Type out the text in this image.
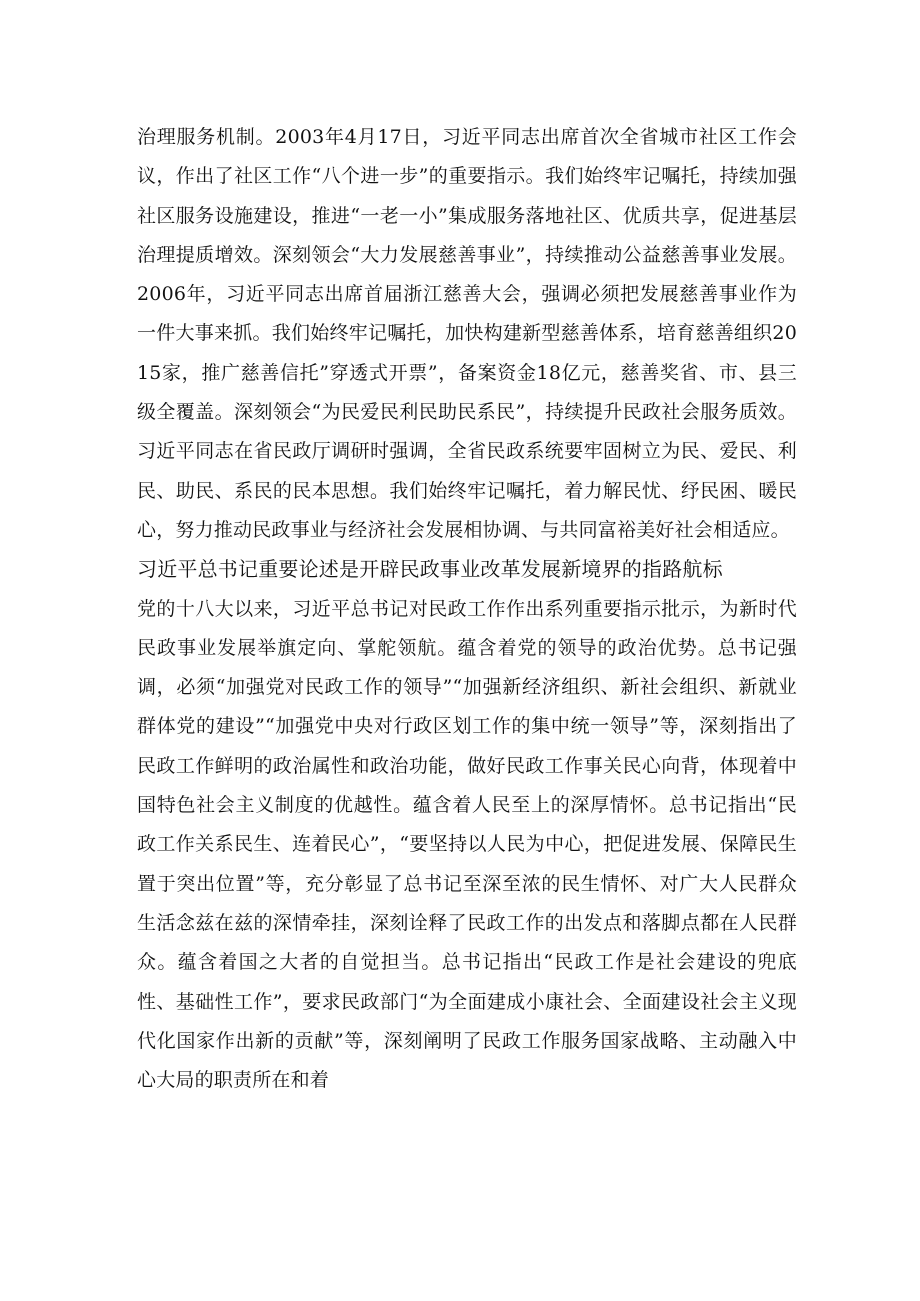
治理服务机制。2003年4月17日，习近平同志出席首次全省城市社区工作会议，作出了社区工作“八个进一步”的重要指示。我们始终牢记嘱托，持续加强社区服务设施建设，推进“一老一小”集成服务落地社区、优质共享，促进基层治理提质增效。深刻领会“大力发展慈善事业”，持续推动公益慈善事业发展。2006年，习近平同志出席首届浙江慈善大会，强调必须把发展慈善事业作为一件大事来抓。我们始终牢记嘱托，加快构建新型慈善体系，培育慈善组织2015家，推广慈善信托”穿透式开票”，备案资金18亿元，慈善奖省、市、县三级全覆盖。深刻领会“为民爱民利民助民系民”，持续提升民政社会服务质效。习近平同志在省民政厅调研时强调，全省民政系统要牢固树立为民、爱民、利民、助民、系民的民本思想。我们始终牢记嘱托，着力解民忧、纾民困、暖民心，努力推动民政事业与经济社会发展相协调、与共同富裕美好社会相适应。

习近平总书记重要论述是开辟民政事业改革发展新境界的指路航标

党的十八大以来，习近平总书记对民政工作作出系列重要指示批示，为新时代民政事业发展举旗定向、掌舵领航。蕴含着党的领导的政治优势。总书记强调，必须“加强党对民政工作的领导”“加强新经济组织、新社会组织、新就业群体党的建设”“加强党中央对行政区划工作的集中统一领导”等，深刻指出了民政工作鲜明的政治属性和政治功能，做好民政工作事关民心向背，体现着中国特色社会主义制度的优越性。蕴含着人民至上的深厚情怀。总书记指出“民政工作关系民生、连着民心”，“要坚持以人民为中心，把促进发展、保障民生置于突出位置”等，充分彰显了总书记至深至浓的民生情怀、对广大人民群众生活念兹在兹的深情牵挂，深刻诠释了民政工作的出发点和落脚点都在人民群众。蕴含着国之大者的自觉担当。总书记指出“民政工作是社会建设的兜底性、基础性工作”，要求民政部门“为全面建成小康社会、全面建设社会主义现代化国家作出新的贡献”等，深刻阐明了民政工作服务国家战略、主动融入中心大局的职责所在和着
